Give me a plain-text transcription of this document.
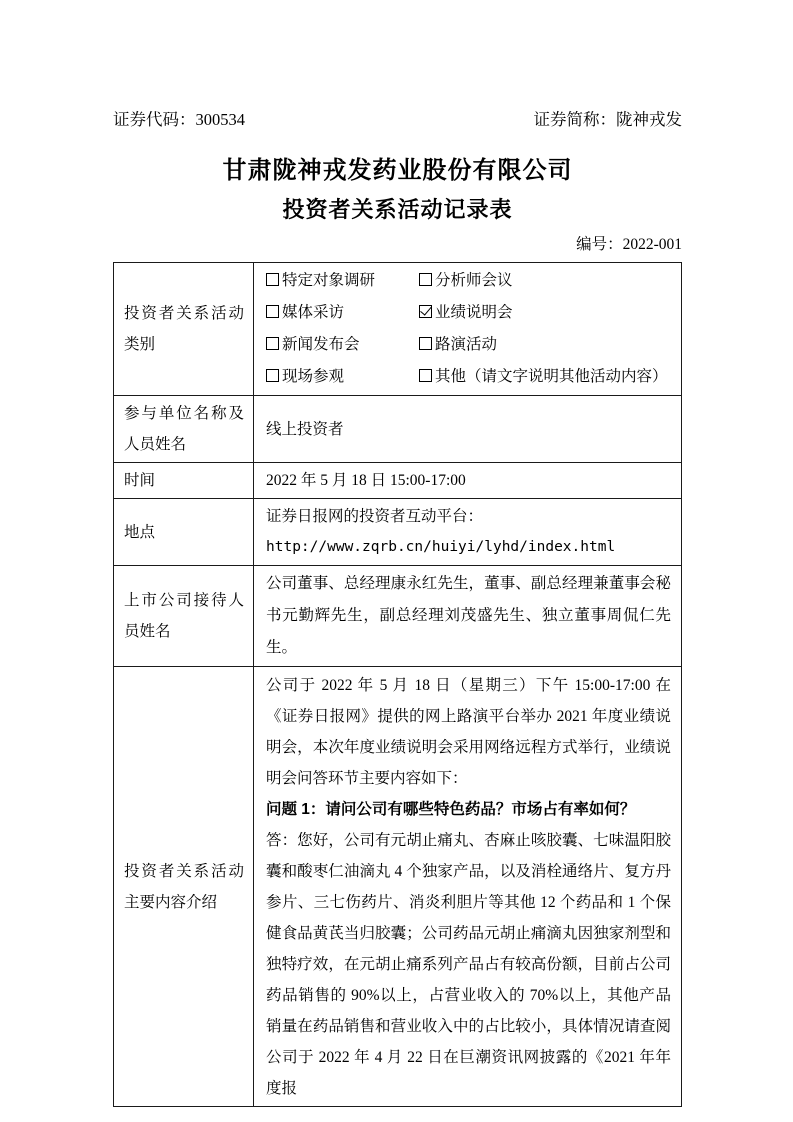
证券代码：300534	证券简称：陇神戎发
甘肃陇神戎发药业股份有限公司
投资者关系活动记录表
编号：2022-001
投资者关系活动类别	
特定对象调研	分析师会议
媒体采访	业绩说明会
新闻发布会	路演活动
现场参观	其他（请文字说明其他活动内容）

参与单位名称及人员姓名	线上投资者
时间	2022 年 5 月 18 日 15:00-17:00
地点	证券日报网的投资者互动平台：
http://www.zqrb.cn/huiyi/lyhd/index.html

上市公司接待人员姓名	公司董事、总经理康永红先生，董事、副总经理兼董事会秘书元勤辉先生，副总经理刘茂盛先生、独立董事周侃仁先生。

投资者关系活动主要内容介绍	公司于 2022 年 5 月 18 日（星期三）下午 15:00-17:00 在《证券日报网》提供的网上路演平台举办 2021 年度业绩说明会，本次年度业绩说明会采用网络远程方式举行，业绩说明会问答环节主要内容如下：

问题 1：请问公司有哪些特色药品？市场占有率如何？

答：您好，公司有元胡止痛丸、杏麻止咳胶囊、七味温阳胶囊和酸枣仁油滴丸 4 个独家产品，以及消栓通络片、复方丹参片、三七伤药片、消炎利胆片等其他 12 个药品和 1 个保健食品黄芪当归胶囊；公司药品元胡止痛滴丸因独家剂型和独特疗效，在元胡止痛系列产品占有较高份额，目前占公司药品销售的 90%以上，占营业收入的 70%以上，其他产品销量在药品销售和营业收入中的占比较小，具体情况请查阅公司于 2022 年 4 月 22 日在巨潮资讯网披露的《2021 年年度报
